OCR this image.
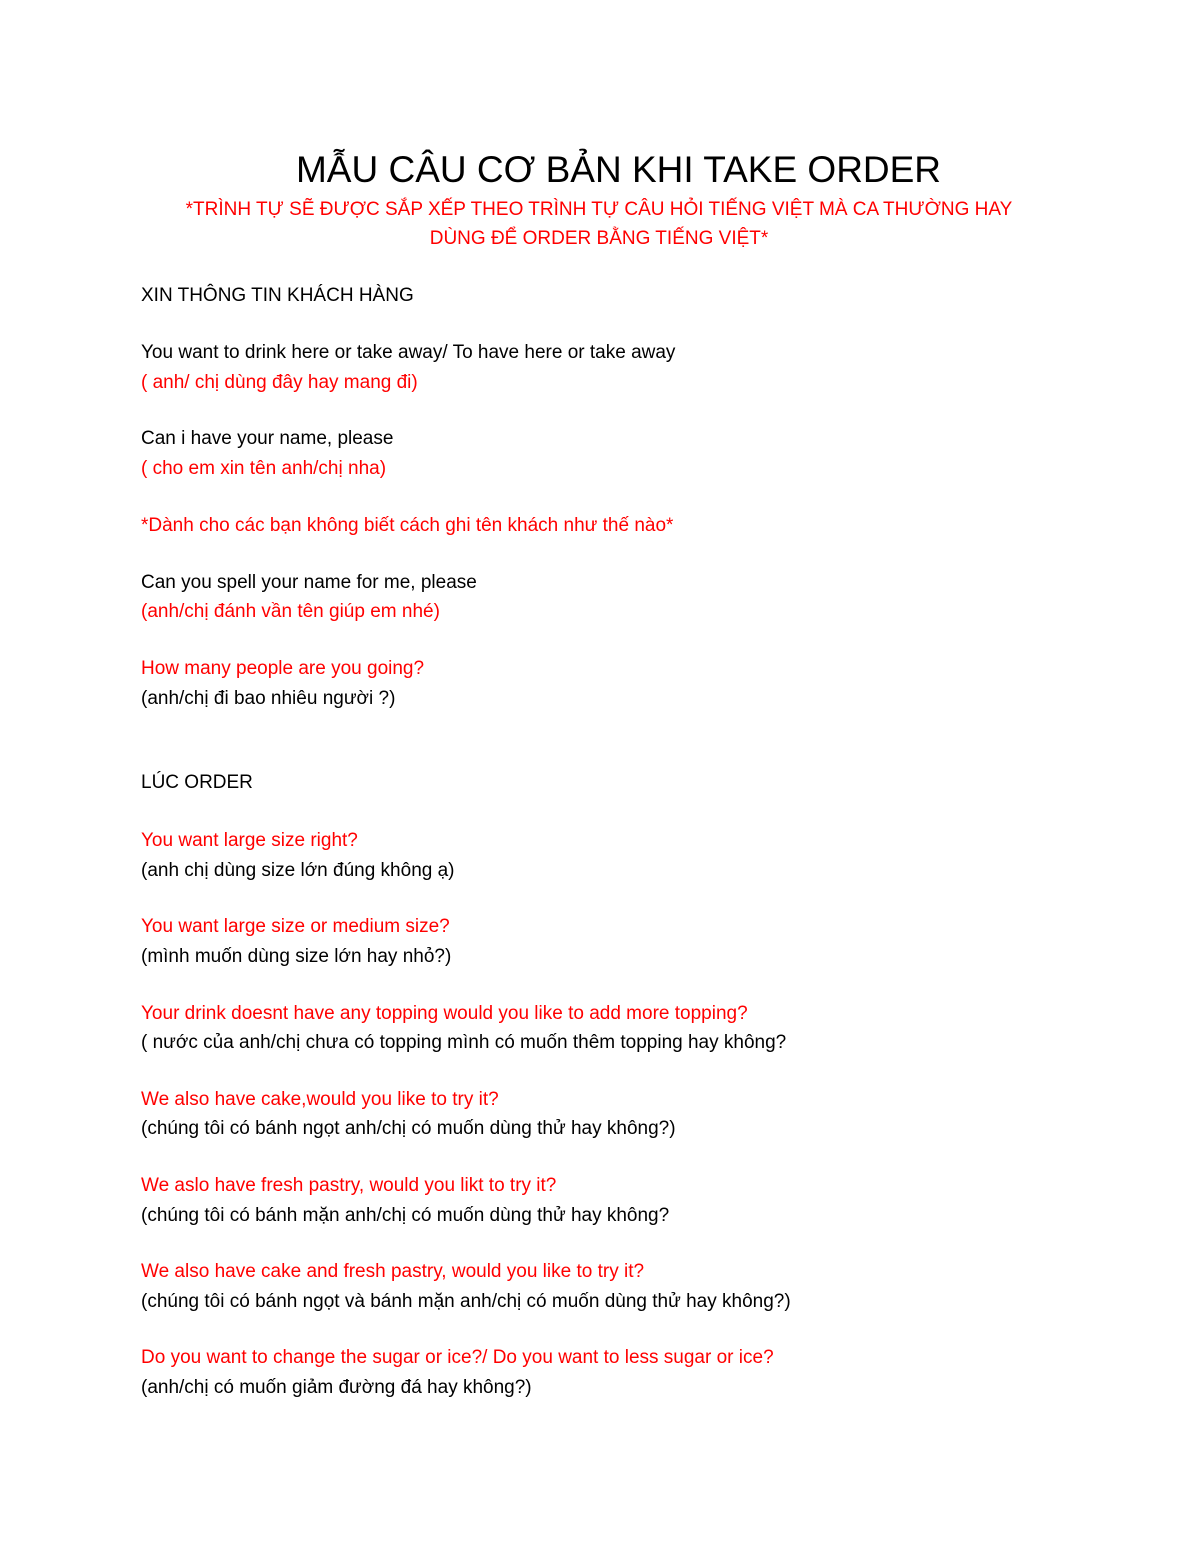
MẪU CÂU CƠ BẢN KHI TAKE ORDER
*TRÌNH TỰ SẼ ĐƯỢC SẮP XẾP THEO TRÌNH TỰ CÂU HỎI TIẾNG VIỆT MÀ CA THƯỜNG HAY
DÙNG ĐỂ ORDER BẰNG TIẾNG VIỆT*
XIN THÔNG TIN KHÁCH HÀNG
You want to drink here or take away/ To have here or take away
( anh/ chị dùng đây hay mang đi)
Can i have your name, please
( cho em xin tên anh/chị nha)
*Dành cho các bạn không biết cách ghi tên khách như thế nào*
Can you spell your name for me, please
(anh/chị đánh vần tên giúp em nhé)
How many people are you going?
(anh/chị đi bao nhiêu người ?)
LÚC ORDER
You want large size right?
(anh chị dùng size lớn đúng không ạ)
You want large size or medium size?
(mình muốn dùng size lớn hay nhỏ?)
Your drink doesnt have any topping would you like to add more topping?
( nước của anh/chị chưa có topping mình có muốn thêm topping hay không?
We also have cake,would you like to try it?
(chúng tôi có bánh ngọt anh/chị có muốn dùng thử hay không?)
We aslo have fresh pastry, would you likt to try it?
(chúng tôi có bánh mặn anh/chị có muốn dùng thử hay không?
We also have cake and fresh pastry, would you like to try it?
(chúng tôi có bánh ngọt và bánh mặn anh/chị có muốn dùng thử hay không?)
Do you want to change the sugar or ice?/ Do you want to less sugar or ice?
(anh/chị có muốn giảm đường đá hay không?)
